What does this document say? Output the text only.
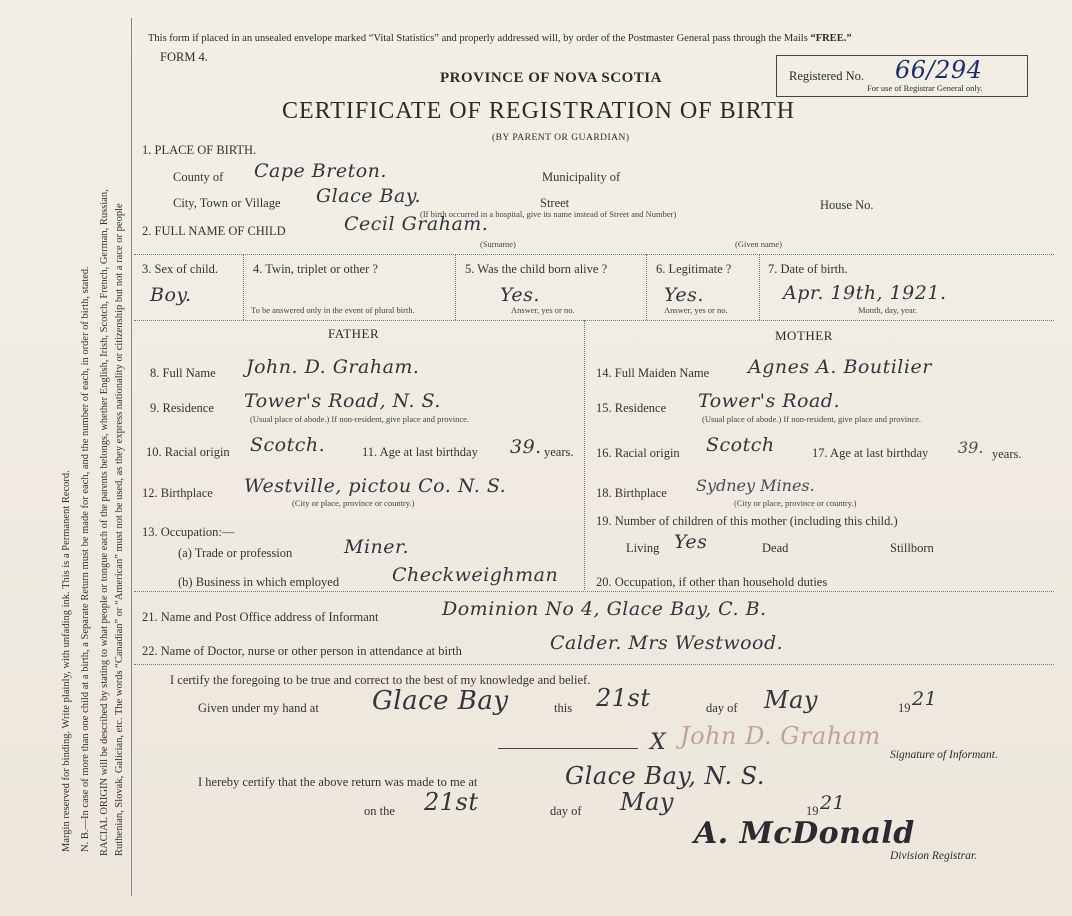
Margin reserved for binding. Write plainly, with unfading ink. This is a Permanent Record. N. B.—In case of more than one child at a birth, a Separate Return must be made for each, and the number of each, in order of birth, stated. RACIAL ORIGIN will be described by stating to what people or tongue each of the parents belongs, whether English, Irish, Scotch, French, German, Russian, Ruthenian, Slovak, Galician, etc. The words “Canadian” or “American” must not be used, as they express nationality or citizenship but not a race or people
This form if placed in an unsealed envelope marked “Vital Statistics” and properly addressed will, by order of the Postmaster General pass through the Mails “FREE.”
FORM 4.
PROVINCE OF NOVA SCOTIA
CERTIFICATE OF REGISTRATION OF BIRTH
(BY PARENT OR GUARDIAN)
Registered No. 66/294
For use of Registrar General only.
1. PLACE OF BIRTH.
County of Cape Breton.	Municipality of
City, Town or Village Glace Bay.	Street	House No.
(If birth occurred in a hospital, give its name instead of Street and Number)
2. FULL NAME OF CHILD	Cecil Graham.
(Surname)	(Given name)
3. Sex of child.
Boy.
4. Twin, triplet or other ?
To be answered only in the event of plural birth.
5. Was the child born alive ?
Yes.
Answer, yes or no.
6. Legitimate ?
Yes.
Answer, yes or no.
7. Date of birth.
Apr. 19th, 1921.
Month, day, year.
FATHER	MOTHER
8. Full Name John. D. Graham.
9. Residence Tower's Road, N. S.
(Usual place of abode.) If non-resident, give place and province.
10. Racial origin Scotch.	11. Age at last birthday 39. years.
12. Birthplace Westville, pictou Co. N. S.
(City or place, province or country.)
13. Occupation:—
(a) Trade or profession	Miner.
(b) Business in which employed	Checkweighman
14. Full Maiden Name Agnes A. Boutilier
15. Residence Tower's Road.
(Usual place of abode.) If non-resident, give place and province.
16. Racial origin Scotch	17. Age at last birthday 39. years.
18. Birthplace Sydney Mines.
(City or place, province or country.)
19. Number of children of this mother (including this child.)
Living Yes	Dead	Stillborn
20. Occupation, if other than household duties
21. Name and Post Office address of Informant	Dominion No 4, Glace Bay, C. B.
22. Name of Doctor, nurse or other person in attendance at birth	Calder. Mrs Westwood.
I certify the foregoing to be true and correct to the best of my knowledge and belief.
Given under my hand at Glace Bay	this 21st	day of May	19 21
X John D. Graham
Signature of Informant.
I hereby certify that the above return was made to me at	Glace Bay, N. S.
on the 21st	day of May	19 21
A. McDonald
Division Registrar.
